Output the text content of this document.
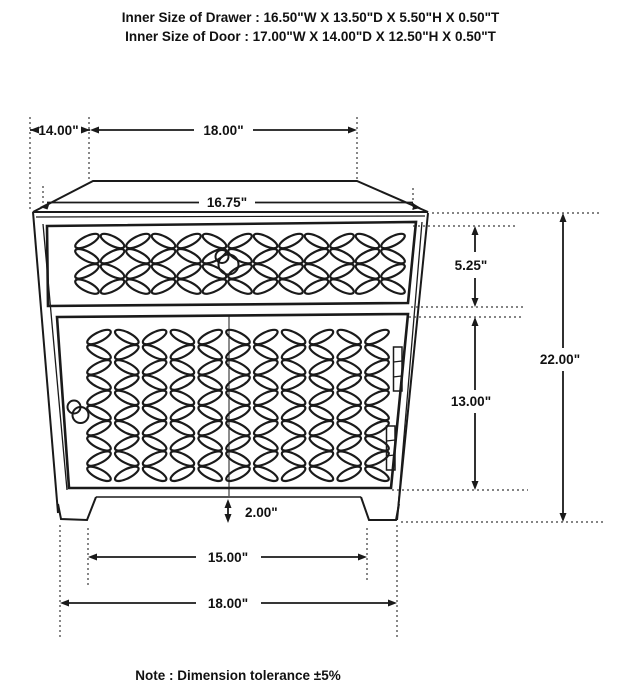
Inner Size of Drawer : 16.50"W X 13.50"D X 5.50"H X 0.50"T
Inner Size of Door : 17.00"W X 14.00"D X 12.50"H X 0.50"T
14.00"	18.00"
16.75"
5.25"
13.00"
22.00"
2.00"
15.00"
18.00"
Note : Dimension tolerance ±5%
